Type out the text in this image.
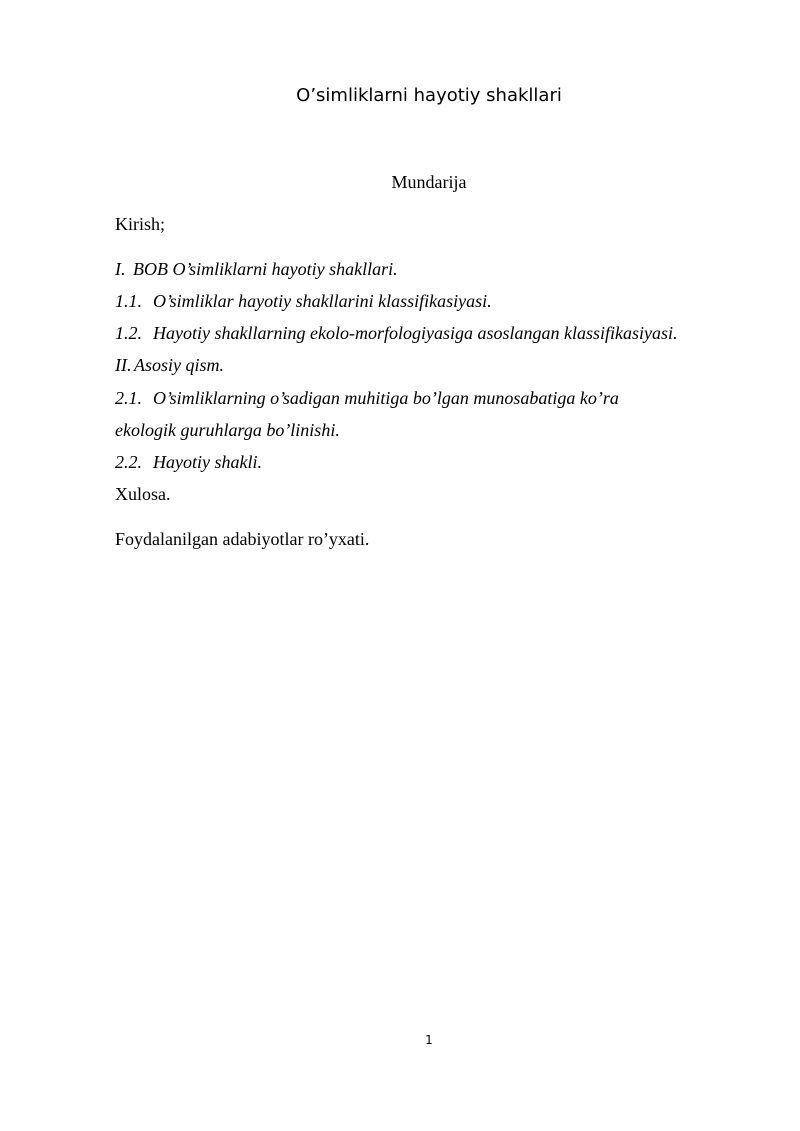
O’simliklarni hayotiy shakllari
Mundarija
Kirish;
I. BOB O’simliklarni hayotiy shakllari.
1.1. O’simliklar hayotiy shakllarini klassifikasiyasi.
1.2. Hayotiy shakllarning ekolo-morfologiyasiga asoslangan klassifikasiyasi.
II. Asosiy qism.
2.1. O’simliklarning o’sadigan muhitiga bo’lgan munosabatiga ko’ra
ekologik guruhlarga bo’linishi.
2.2. Hayotiy shakli.
Xulosa.
Foydalanilgan adabiyotlar ro’yxati.
1
